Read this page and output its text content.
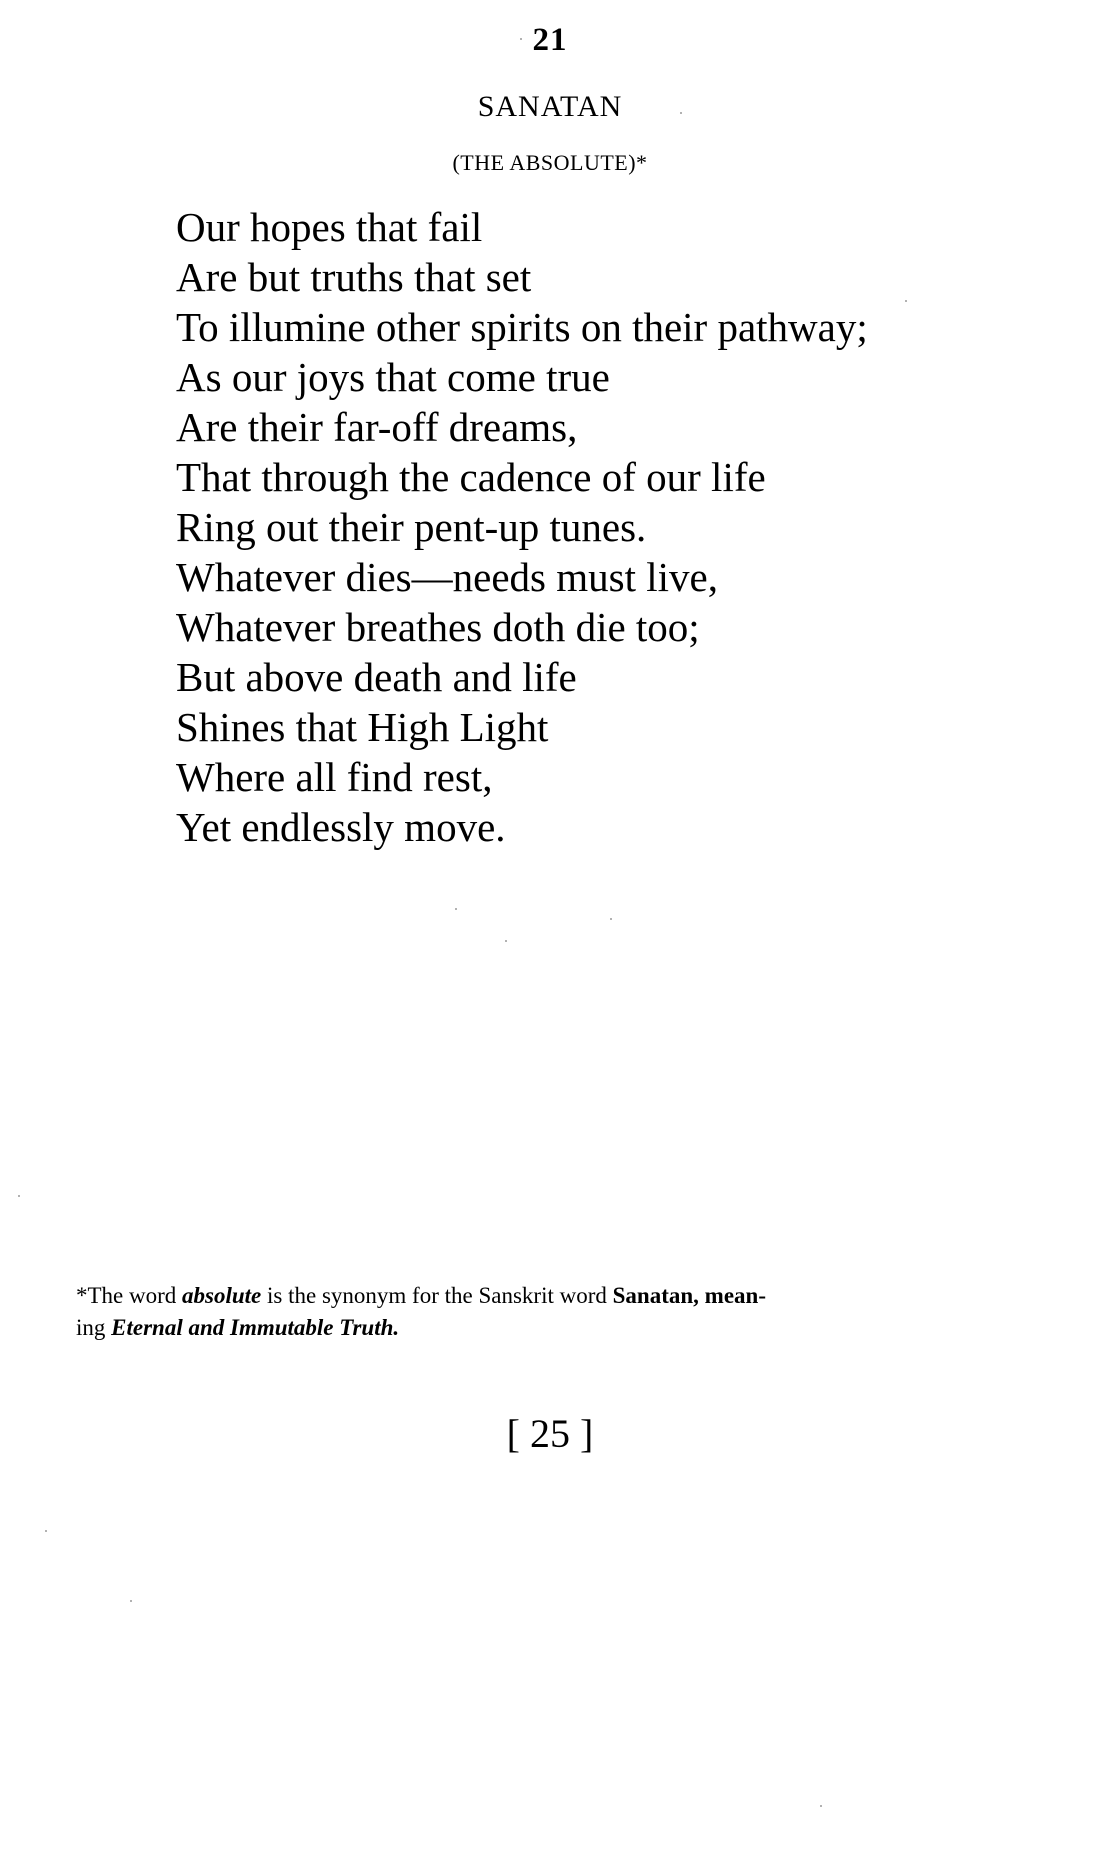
21
SANATAN
(THE ABSOLUTE)*
Our hopes that fail
Are but truths that set
To illumine other spirits on their pathway;
As our joys that come true
Are their far-off dreams,
That through the cadence of our life
Ring out their pent-up tunes.
Whatever dies—needs must live,
Whatever breathes doth die too;
But above death and life
Shines that High Light
Where all find rest,
Yet endlessly move.
*The word absolute is the synonym for the Sanskrit word Sanatan, mean-
ing Eternal and Immutable Truth.
[ 25 ]
